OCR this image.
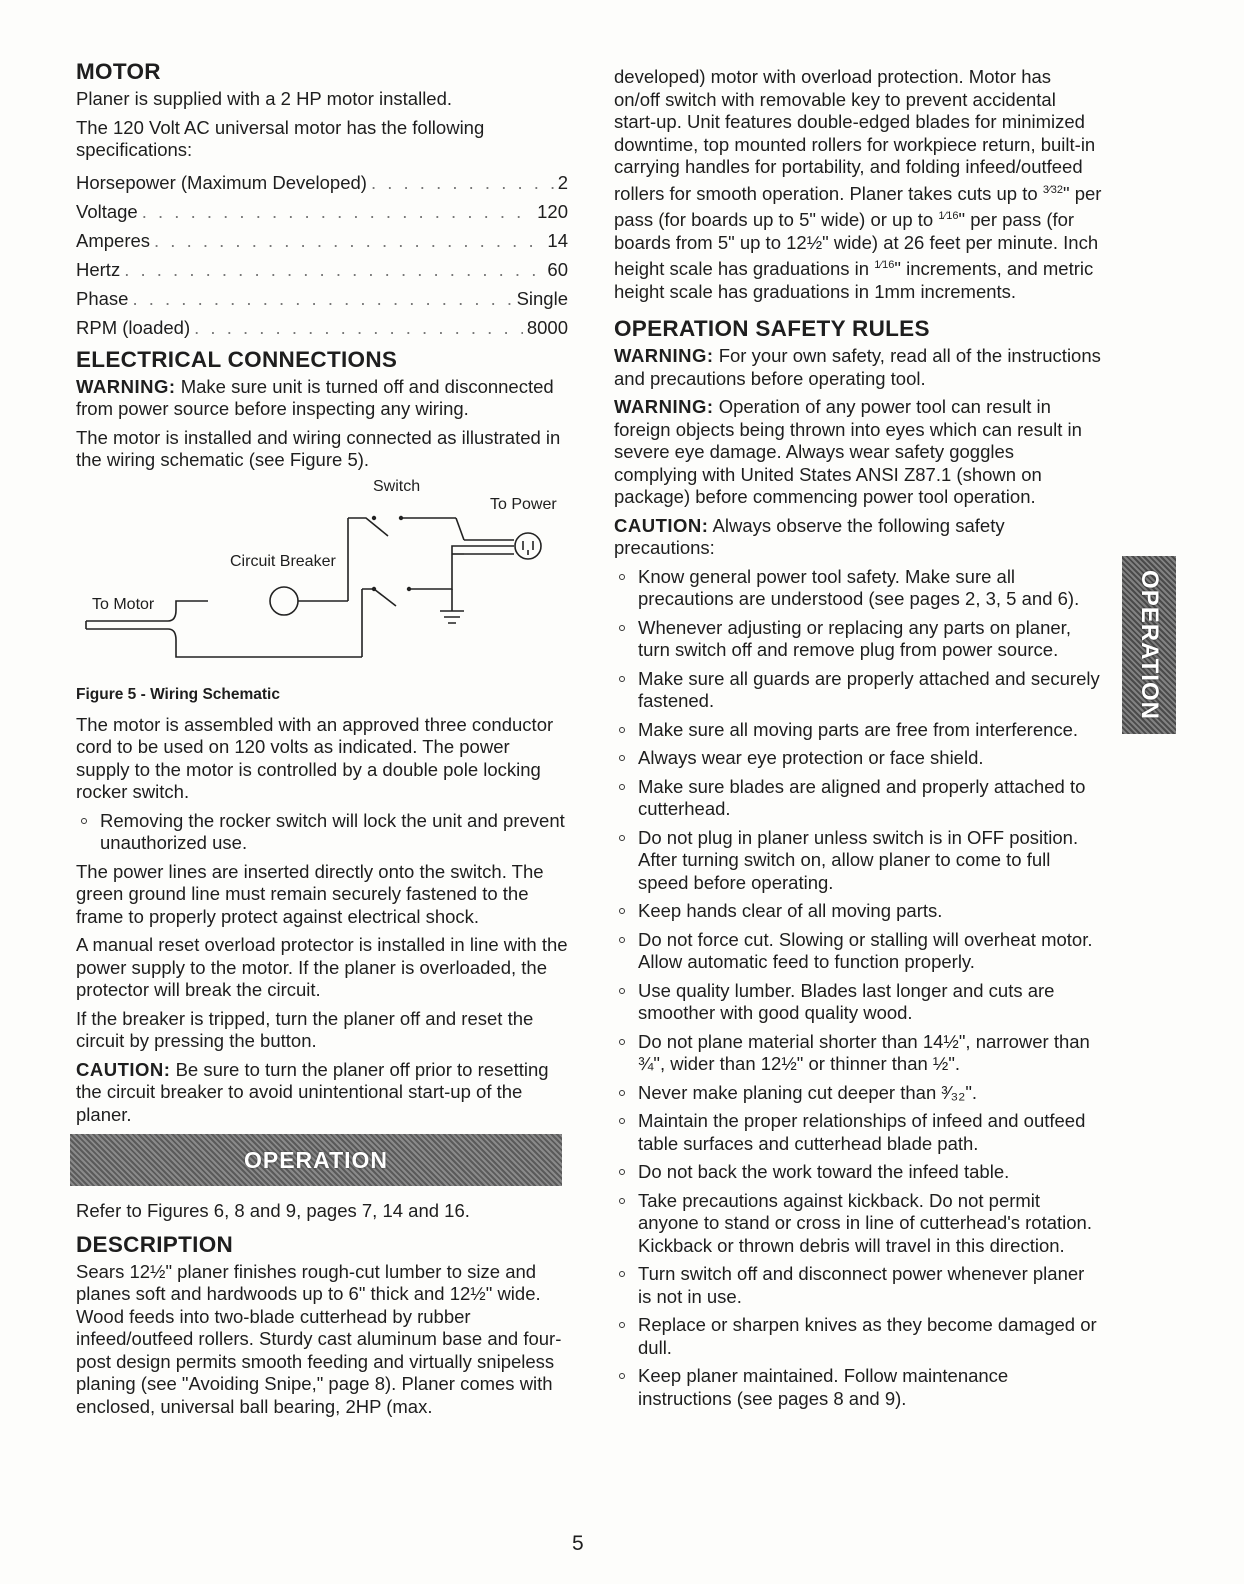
MOTOR

Planer is supplied with a 2 HP motor installed.

The 120 Volt AC universal motor has the following specifications:

Horsepower (Maximum Developed) . . .	2
Voltage . . .	120
Amperes . . .	14
Hertz . . .	60
Phase . . .	Single
RPM (loaded) . . .	8000
ELECTRICAL CONNECTIONS

WARNING: Make sure unit is turned off and disconnected from power source before inspecting any wiring.

The motor is installed and wiring connected as illustrated in the wiring schematic (see Figure 5).

Switch
To Power
Circuit Breaker
To Motor
Figure 5 - Wiring Schematic

The motor is assembled with an approved three conductor cord to be used on 120 volts as indicated. The power supply to the motor is controlled by a double pole locking rocker switch.

Removing the rocker switch will lock the unit and prevent unauthorized use.

The power lines are inserted directly onto the switch. The green ground line must remain securely fastened to the frame to properly protect against electrical shock.

A manual reset overload protector is installed in line with the power supply to the motor. If the planer is overloaded, the protector will break the circuit.

If the breaker is tripped, turn the planer off and reset the circuit by pressing the button.

CAUTION: Be sure to turn the planer off prior to resetting the circuit breaker to avoid unintentional start-up of the planer.

OPERATION

Refer to Figures 6, 8 and 9, pages 7, 14 and 16.

DESCRIPTION

Sears 12½" planer finishes rough-cut lumber to size and planes soft and hardwoods up to 6" thick and 12½" wide. Wood feeds into two-blade cutterhead by rubber infeed/outfeed rollers. Sturdy cast aluminum base and four-post design permits smooth feeding and virtually snipeless planing (see "Avoiding Snipe," page 8). Planer comes with enclosed, universal ball bearing, 2HP (max.

developed) motor with overload protection. Motor has on/off switch with removable key to prevent accidental start-up. Unit features double-edged blades for minimized downtime, top mounted rollers for workpiece return, built-in carrying handles for portability, and folding infeed/outfeed rollers for smooth operation. Planer takes cuts up to $^{3⁄32}$" per pass (for boards up to 5" wide) or up to $^{1⁄16}$" per pass (for boards from 5" up to 12½" wide) at 26 feet per minute. Inch height scale has graduations in $^{1⁄16}$" increments, and metric height scale has graduations in 1mm increments.

OPERATION SAFETY RULES

WARNING: For your own safety, read all of the instructions and precautions before operating tool.

WARNING: Operation of any power tool can result in foreign objects being thrown into eyes which can result in severe eye damage. Always wear safety goggles complying with United States ANSI Z87.1 (shown on package) before commencing power tool operation.

CAUTION: Always observe the following safety precautions:

Know general power tool safety. Make sure all precautions are understood (see pages 2, 3, 5 and 6).
Whenever adjusting or replacing any parts on planer, turn switch off and remove plug from power source.
Make sure all guards are properly attached and securely fastened.
Make sure all moving parts are free from interference.
Always wear eye protection or face shield.
Make sure blades are aligned and properly attached to cutterhead.
Do not plug in planer unless switch is in OFF position. After turning switch on, allow planer to come to full speed before operating.
Keep hands clear of all moving parts.
Do not force cut. Slowing or stalling will overheat motor. Allow automatic feed to function properly.
Use quality lumber. Blades last longer and cuts are smoother with good quality wood.
Do not plane material shorter than 14½", narrower than ¾", wider than 12½" or thinner than ½".
Never make planing cut deeper than ³⁄₃₂".
Maintain the proper relationships of infeed and outfeed table surfaces and cutterhead blade path.
Do not back the work toward the infeed table.
Take precautions against kickback. Do not permit anyone to stand or cross in line of cutterhead's rotation. Kickback or thrown debris will travel in this direction.
Turn switch off and disconnect power whenever planer is not in use.
Replace or sharpen knives as they become damaged or dull.
Keep planer maintained. Follow maintenance instructions (see pages 8 and 9).
OPERATION
5
